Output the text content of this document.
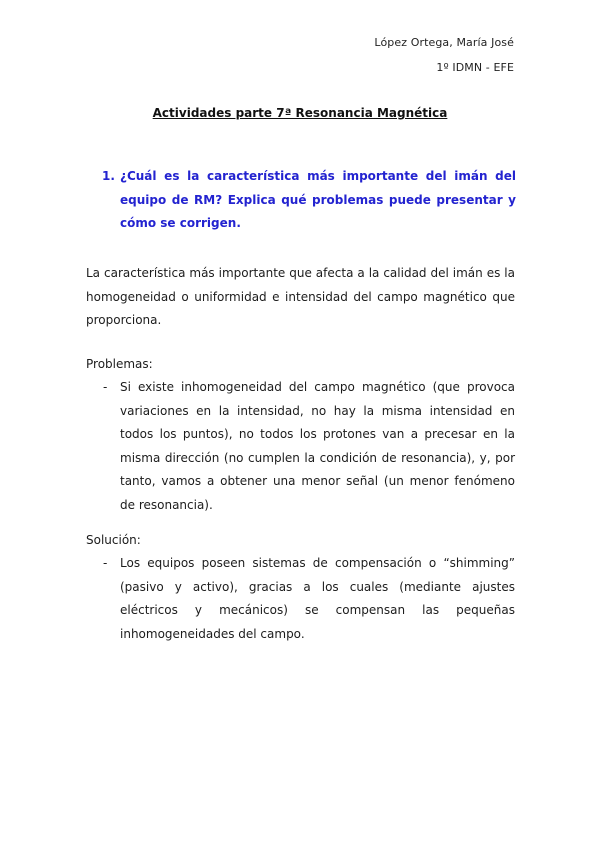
López Ortega, María José
1º IDMN - EFE
Actividades parte 7ª Resonancia Magnética
1. ¿Cuál es la característica más importante del imán del equipo de RM? Explica qué problemas puede presentar y cómo se corrigen.
La característica más importante que afecta a la calidad del imán es la homogeneidad o uniformidad e intensidad del campo magnético que proporciona.
Problemas:
- Si existe inhomogeneidad del campo magnético (que provoca variaciones en la intensidad, no hay la misma intensidad en todos los puntos), no todos los protones van a precesar en la misma dirección (no cumplen la condición de resonancia), y, por tanto, vamos a obtener una menor señal (un menor fenómeno de resonancia).
Solución:
- Los equipos poseen sistemas de compensación o “shimming” (pasivo y activo), gracias a los cuales (mediante ajustes eléctricos y mecánicos) se compensan las pequeñas inhomogeneidades del campo.
